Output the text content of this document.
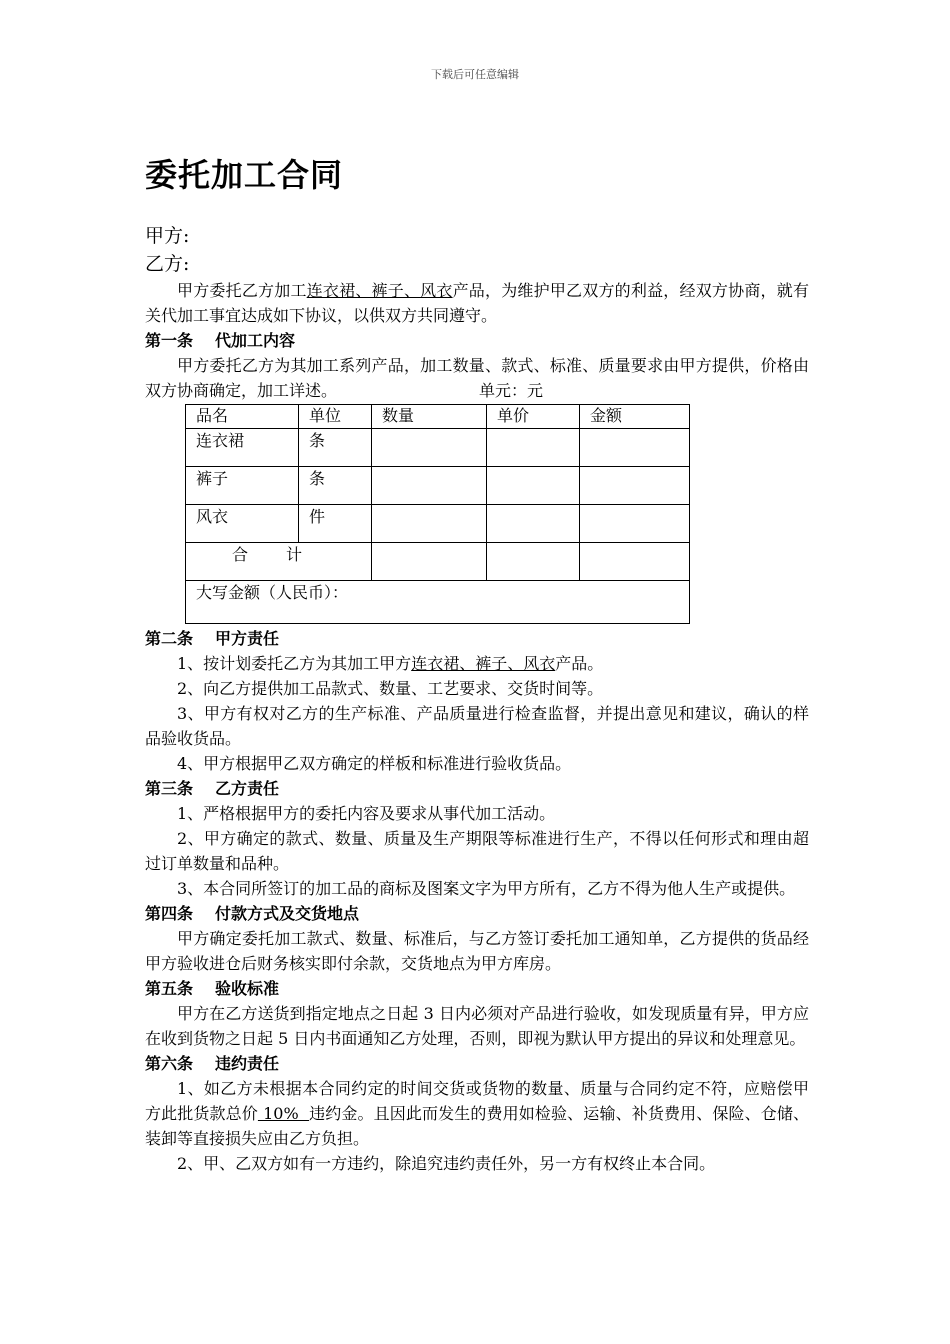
下载后可任意编辑
委托加工合同
甲方:
乙方:

甲方委托乙方加工连衣裙、裤子、风衣产品，为维护甲乙双方的利益，经双方协商，就有关代加工事宜达成如下协议，以供双方共同遵守。

第一条 代加工内容

甲方委托乙方为其加工系列产品，加工数量、款式、标准、质量要求由甲方提供，价格由双方协商确定，加工详述。	单元：元

品名	单位	数量	单价	金额
连衣裙	条			
裤子	条			
风衣	件			
合 计				
大写金额（人民币）：				

第二条 甲方责任

1、按计划委托乙方为其加工甲方连衣裙、裤子、风衣产品。

2、向乙方提供加工品款式、数量、工艺要求、交货时间等。

3、甲方有权对乙方的生产标准、产品质量进行检查监督，并提出意见和建议，确认的样品验收货品。

4、甲方根据甲乙双方确定的样板和标准进行验收货品。

第三条 乙方责任

1、严格根据甲方的委托内容及要求从事代加工活动。

2、甲方确定的款式、数量、质量及生产期限等标准进行生产，不得以任何形式和理由超过订单数量和品种。

3、本合同所签订的加工品的商标及图案文字为甲方所有，乙方不得为他人生产或提供。

第四条 付款方式及交货地点

甲方确定委托加工款式、数量、标准后，与乙方签订委托加工通知单，乙方提供的货品经甲方验收进仓后财务核实即付余款，交货地点为甲方库房。

第五条 验收标准

甲方在乙方送货到指定地点之日起 3 日内必须对产品进行验收，如发现质量有异，甲方应在收到货物之日起 5 日内书面通知乙方处理，否则，即视为默认甲方提出的异议和处理意见。

第六条 违约责任

1、如乙方未根据本合同约定的时间交货或货物的数量、质量与合同约定不符，应赔偿甲方此批货款总价 10%  违约金。且因此而发生的费用如检验、运输、补货费用、保险、仓储、装卸等直接损失应由乙方负担。

2、甲、乙双方如有一方违约，除追究违约责任外，另一方有权终止本合同。
